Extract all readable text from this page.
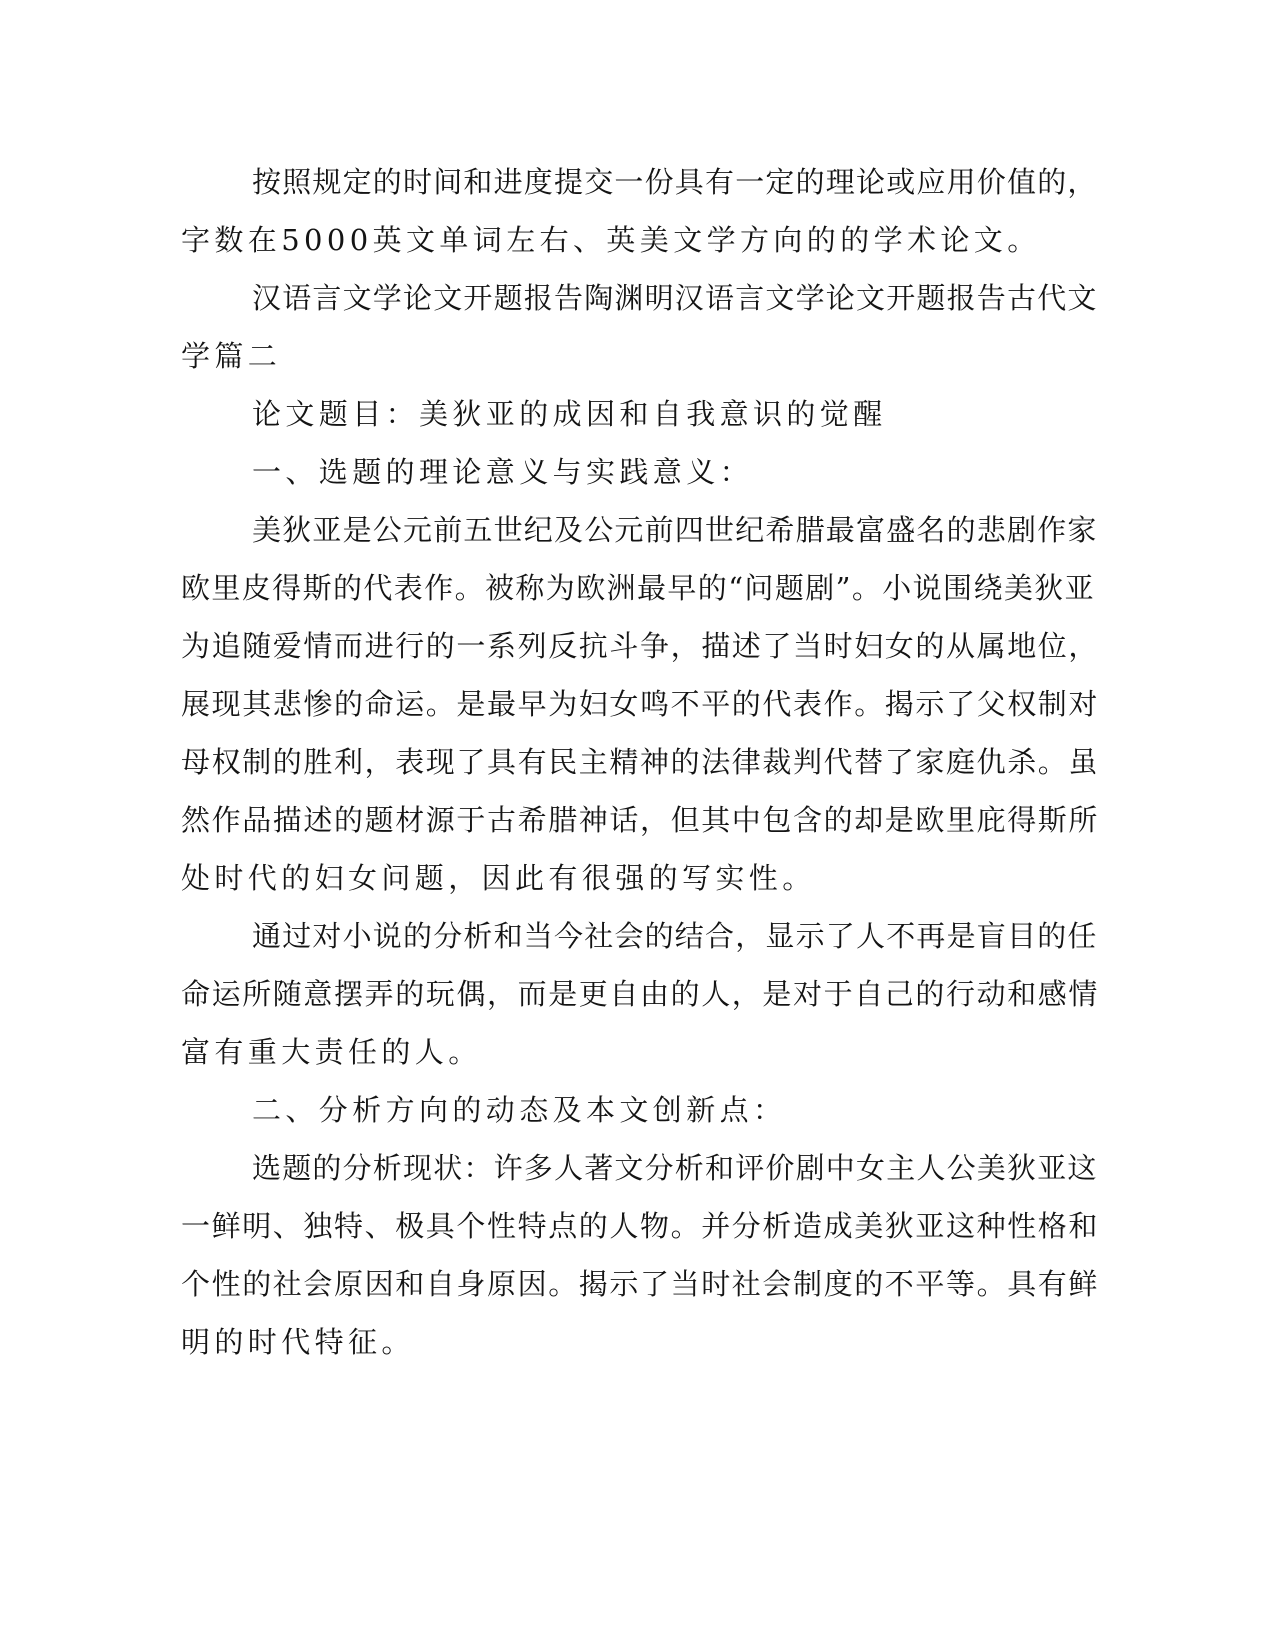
按照规定的时间和进度提交一份具有一定的理论或应用价值的，
字数在5000英文单词左右、英美文学方向的的学术论文。
汉语言文学论文开题报告陶渊明汉语言文学论文开题报告古代文
学篇二
论文题目：美狄亚的成因和自我意识的觉醒
一、选题的理论意义与实践意义：
美狄亚是公元前五世纪及公元前四世纪希腊最富盛名的悲剧作家
欧里皮得斯的代表作。被称为欧洲最早的“问题剧”。小说围绕美狄亚
为追随爱情而进行的一系列反抗斗争，描述了当时妇女的从属地位，
展现其悲惨的命运。是最早为妇女鸣不平的代表作。揭示了父权制对
母权制的胜利，表现了具有民主精神的法律裁判代替了家庭仇杀。虽
然作品描述的题材源于古希腊神话，但其中包含的却是欧里庇得斯所
处时代的妇女问题，因此有很强的写实性。
通过对小说的分析和当今社会的结合，显示了人不再是盲目的任
命运所随意摆弄的玩偶，而是更自由的人，是对于自己的行动和感情
富有重大责任的人。
二、分析方向的动态及本文创新点：
选题的分析现状：许多人著文分析和评价剧中女主人公美狄亚这
一鲜明、独特、极具个性特点的人物。并分析造成美狄亚这种性格和
个性的社会原因和自身原因。揭示了当时社会制度的不平等。具有鲜
明的时代特征。
